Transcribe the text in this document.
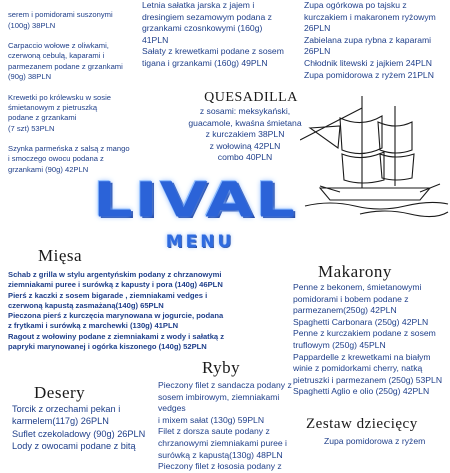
serem i pomidorami suszonymi
(100g) 38PLN

Carpaccio wołowe z oliwkami,
czerwoną cebulą, kaparami i
parmezanem podane z grzankami
(90g) 38PLN

Krewetki po królewsku w sosie
śmietanowym z pietruszką
podane z grzankami
(7 szt) 53PLN

Szynka parmeńska z salsą z mango
i smoczego owocu podana z
grzankami (90g) 42PLN

Letnia sałatka jarska z jajem i
dresingiem sezamowym podana z
grzankami czosnkowymi (160g)
41PLN
Sałaty z krewetkami podane z sosem
tigana i grzankami (160g) 49PLN
Zupa ogórkowa po tajsku z
kurczakiem i makaronem ryżowym
26PLN
Zabielana zupa rybna z kaparami
26PLN
Chłodnik litewski z jajkiem 24PLN
Zupa pomidorowa z ryżem 21PLN
QUESADILLA
z sosami: meksykański,
guacamole, kwaśna śmietana
z kurczakiem 38PLN
z wołowiną 42PLN
combo 40PLN
LIVAL
MENU
Mięsa
Schab z grilla w stylu argentyńskim podany z chrzanowymi
ziemniakami puree i surówką z kapusty i pora (140g) 46PLN
Pierś z kaczki z sosem bigarade , ziemniakami vedges i
czerwoną kapustą zasmażaną(140g) 65PLN
Pieczona pierś z kurczęcia marynowana w jogurcie, podana
z frytkami i surówką z marchewki (130g) 41PLN
Ragout z wołowiny podane z ziemniakami z wody i sałatką z
papryki marynowanej i ogórka kiszonego (140g) 52PLN
Makarony
Penne z bekonem, śmietanowymi
pomidorami i bobem podane z
parmezanem(250g) 42PLN
Spaghetti Carbonara (250g) 42PLN
Penne z kurczakiem podane z sosem
truflowym (250g) 45PLN
Pappardelle z krewetkami na białym
winie z pomidorkami cherry, natką
pietruszki i parmezanem (250g) 53PLN
Spaghetti Aglio e olio (250g) 42PLN
Ryby
Pieczony filet z sandacza podany z
sosem imbirowym, ziemniakami vedges
i mixem sałat (130g) 59PLN
Filet z dorsza saute podany z
chrzanowymi ziemniakami puree i
surówką z kapustą(130g) 48PLN
Pieczony filet z łososia podany z
Desery
Torcik z orzechami pekan i
karmelem(117g) 26PLN
Suflet czekoladowy (90g) 26PLN
Lody z owocami podane z bitą
Zestaw dziecięcy
Zupa pomidorowa z ryżem
